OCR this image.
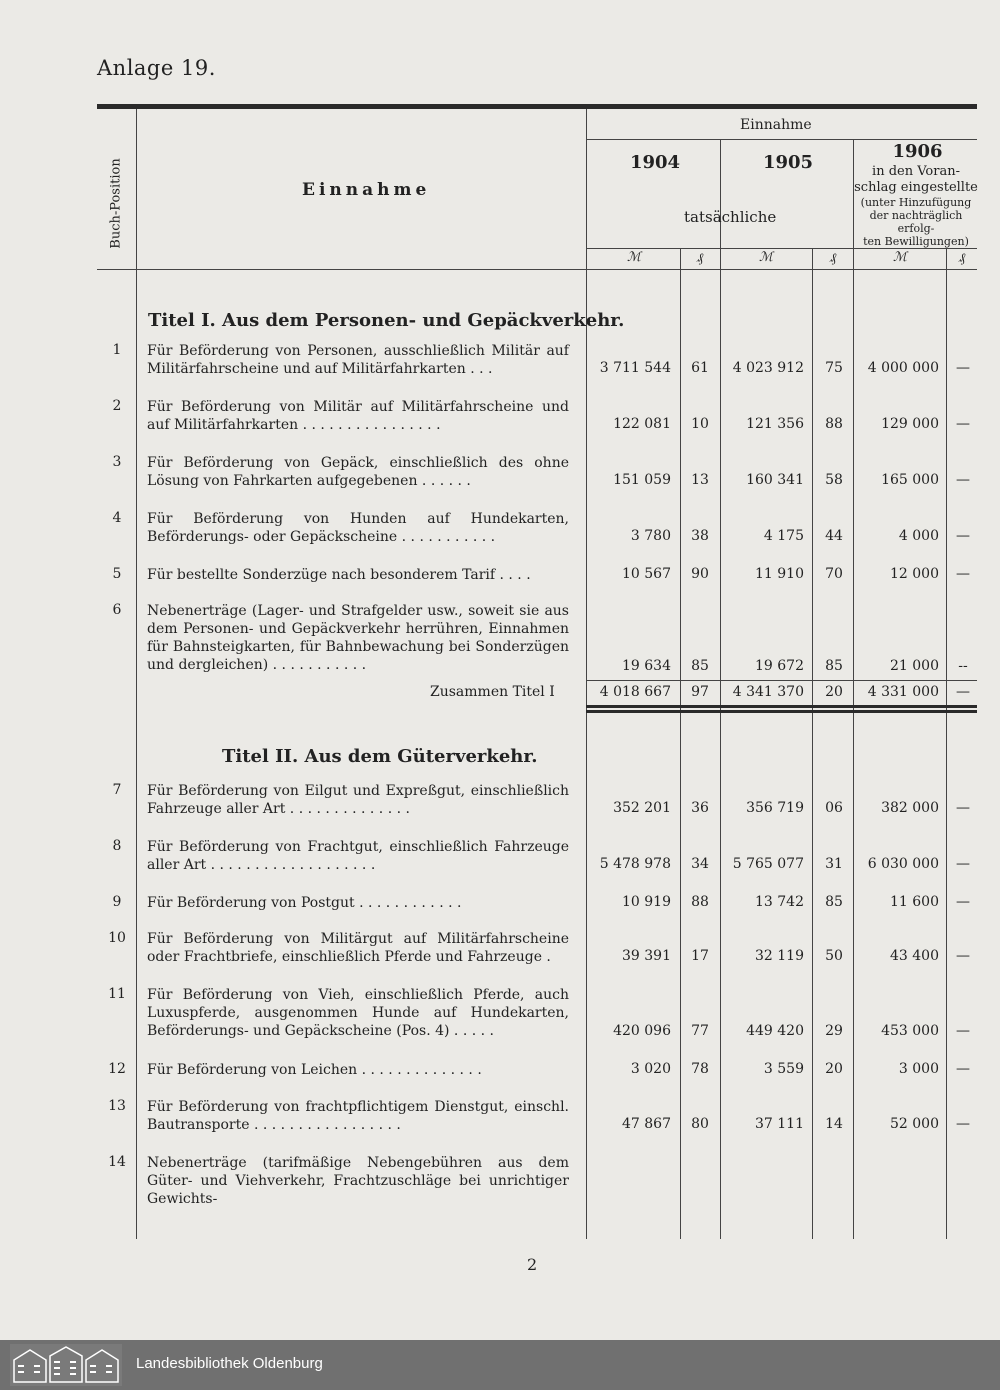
Anlage 19.
Buch-Position	Einnahme
Einnahme
1904	1905
1906
tatsächliche
in den Voran-
schlag eingestellte
(unter Hinzufügung
der nachträglich erfolg-
ten Bewilligungen)
ℳ	₰	ℳ	₰	ℳ	₰
Titel I. Aus dem Personen- und Gepäckverkehr.
Titel II. Aus dem Güterverkehr.
1	Für Beförderung von Personen, ausschließlich Militär auf Militärfahrscheine und auf Militärfahrkarten . . .	3 711 544	61	4 023 912	75	4 000 000	—
2	Für Beförderung von Militär auf Militärfahrscheine und auf Militärfahrkarten . . . . . . . . . . . . . . . .	122 081	10	121 356	88	129 000	—
3	Für Beförderung von Gepäck, einschließlich des ohne Lösung von Fahrkarten aufgegebenen . . . . . .	151 059	13	160 341	58	165 000	—
4	Für Beförderung von Hunden auf Hundekarten, Beförderungs- oder Gepäckscheine . . . . . . . . . . .	3 780	38	4 175	44	4 000	—
5	Für bestellte Sonderzüge nach besonderem Tarif . . . .	10 567	90	11 910	70	12 000	—
6	Nebenerträge (Lager- und Strafgelder usw., soweit sie aus dem Personen- und Gepäckverkehr herrühren, Einnahmen für Bahnsteigkarten, für Bahnbewachung bei Sonderzügen und dergleichen) . . . . . . . . . . .	19 634	85	19 672	85	21 000	--
Zusammen Titel I	4 018 667	97	4 341 370	20	4 331 000	—
7	Für Beförderung von Eilgut und Expreßgut, einschließlich Fahrzeuge aller Art . . . . . . . . . . . . . .	352 201	36	356 719	06	382 000	—
8	Für Beförderung von Frachtgut, einschließlich Fahrzeuge aller Art . . . . . . . . . . . . . . . . . . .	5 478 978	34	5 765 077	31	6 030 000	—
9	Für Beförderung von Postgut . . . . . . . . . . . .	10 919	88	13 742	85	11 600	—
10	Für Beförderung von Militärgut auf Militärfahrscheine oder Frachtbriefe, einschließlich Pferde und Fahrzeuge .	39 391	17	32 119	50	43 400	—
11	Für Beförderung von Vieh, einschließlich Pferde, auch Luxuspferde, ausgenommen Hunde auf Hundekarten, Beförderungs- und Gepäckscheine (Pos. 4) . . . . .	420 096	77	449 420	29	453 000	—
12	Für Beförderung von Leichen . . . . . . . . . . . . . .	3 020	78	3 559	20	3 000	—
13	Für Beförderung von frachtpflichtigem Dienstgut, einschl. Bautransporte . . . . . . . . . . . . . . . . .	47 867	80	37 111	14	52 000	—
14	Nebenerträge (tarifmäßige Nebengebühren aus dem Güter- und Viehverkehr, Frachtzuschläge bei unrichtiger Gewichts-
2
Landesbibliothek Oldenburg
